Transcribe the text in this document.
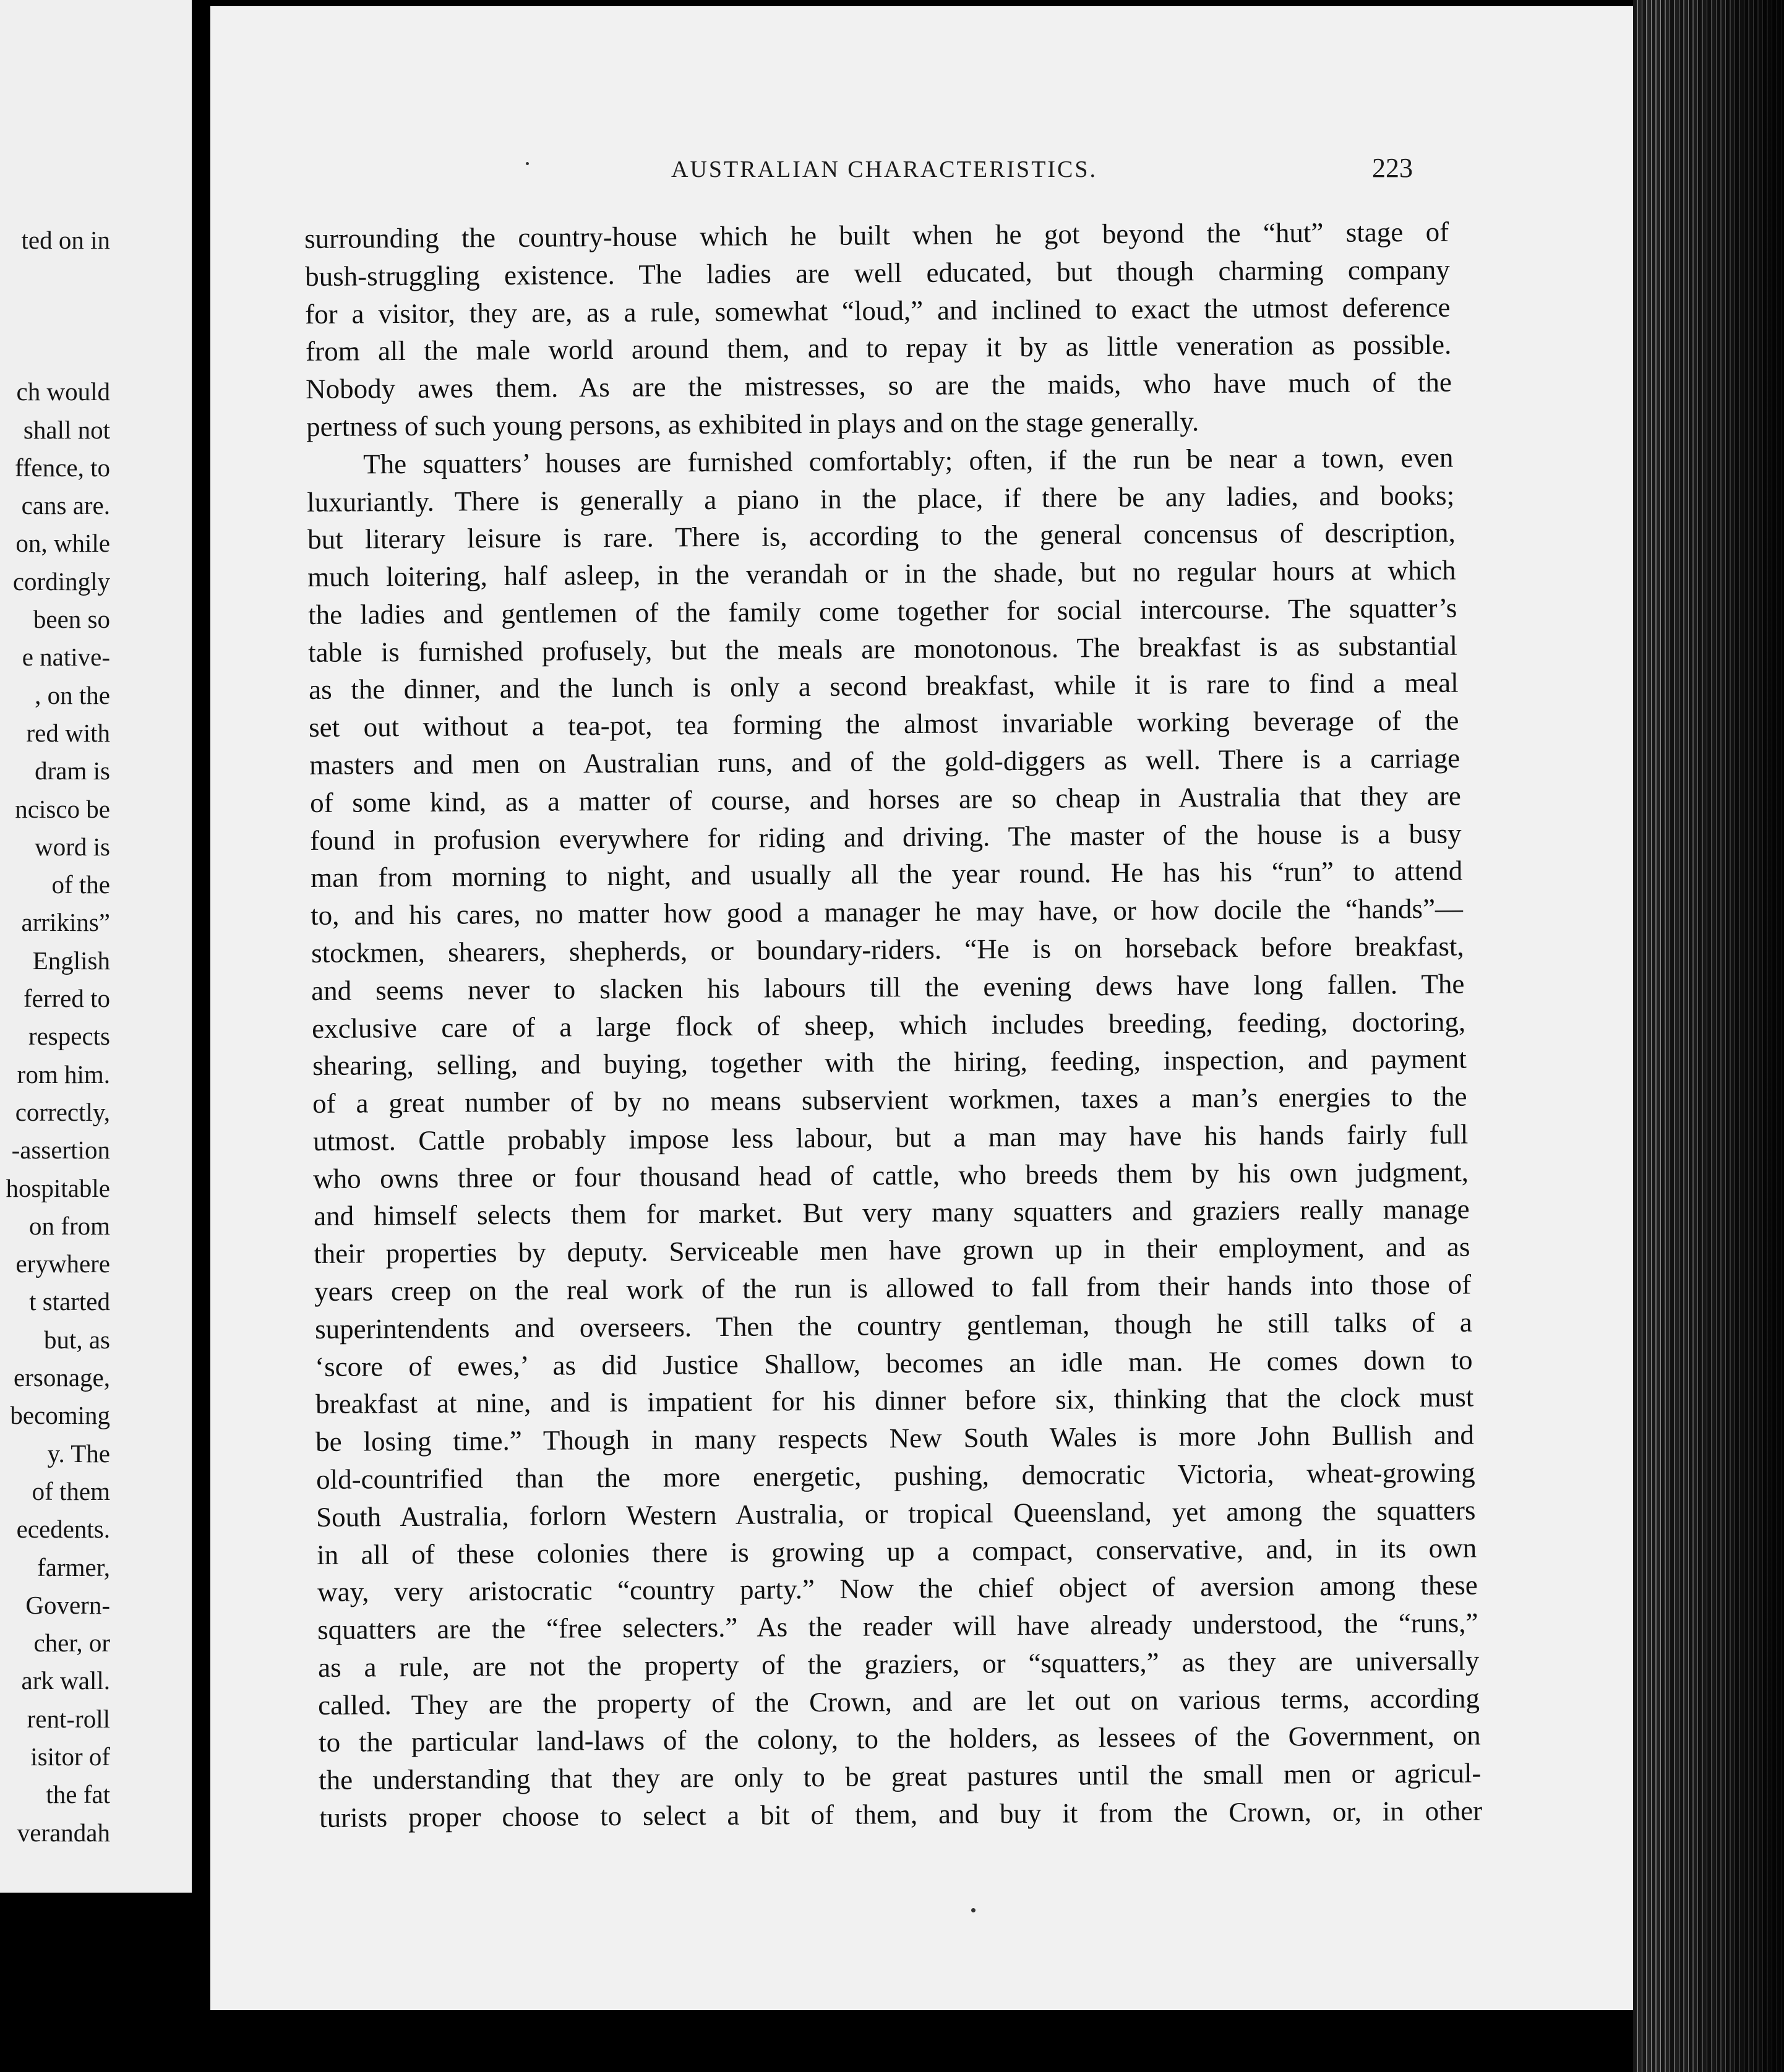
ted on in
ch would
shall not
ffence, to
cans are.
on, while
cordingly
been so
e native-
, on the
red with
dram is
ncisco be
word is
of the
arrikins”
English
ferred to
respects
rom him.
correctly,
-assertion
hospitable
on from
erywhere
t started
but, as
ersonage,
becoming
y. The
of them
ecedents.
farmer,
Govern-
cher, or
ark wall.
rent-roll
isitor of
the fat
verandah
AUSTRALIAN CHARACTERISTICS.	223
surrounding the country-house which he built when he got beyond the “hut” stage of
bush-struggling existence. The ladies are well educated, but though charming company
for a visitor, they are, as a rule, somewhat “loud,” and inclined to exact the utmost deference
from all the male world around them, and to repay it by as little veneration as possible.
Nobody awes them. As are the mistresses, so are the maids, who have much of the
pertness of such young persons, as exhibited in plays and on the stage generally.
The squatters’ houses are furnished comfortably; often, if the run be near a town, even
luxuriantly. There is generally a piano in the place, if there be any ladies, and books;
but literary leisure is rare. There is, according to the general concensus of description,
much loitering, half asleep, in the verandah or in the shade, but no regular hours at which
the ladies and gentlemen of the family come together for social intercourse. The squatter’s
table is furnished profusely, but the meals are monotonous. The breakfast is as substantial
as the dinner, and the lunch is only a second breakfast, while it is rare to find a meal
set out without a tea-pot, tea forming the almost invariable working beverage of the
masters and men on Australian runs, and of the gold-diggers as well. There is a carriage
of some kind, as a matter of course, and horses are so cheap in Australia that they are
found in profusion everywhere for riding and driving. The master of the house is a busy
man from morning to night, and usually all the year round. He has his “run” to attend
to, and his cares, no matter how good a manager he may have, or how docile the “hands”—
stockmen, shearers, shepherds, or boundary-riders. “He is on horseback before breakfast,
and seems never to slacken his labours till the evening dews have long fallen. The
exclusive care of a large flock of sheep, which includes breeding, feeding, doctoring,
shearing, selling, and buying, together with the hiring, feeding, inspection, and payment
of a great number of by no means subservient workmen, taxes a man’s energies to the
utmost. Cattle probably impose less labour, but a man may have his hands fairly full
who owns three or four thousand head of cattle, who breeds them by his own judgment,
and himself selects them for market. But very many squatters and graziers really manage
their properties by deputy. Serviceable men have grown up in their employment, and as
years creep on the real work of the run is allowed to fall from their hands into those of
superintendents and overseers. Then the country gentleman, though he still talks of a
‘score of ewes,’ as did Justice Shallow, becomes an idle man. He comes down to
breakfast at nine, and is impatient for his dinner before six, thinking that the clock must
be losing time.” Though in many respects New South Wales is more John Bullish and
old-countrified than the more energetic, pushing, democratic Victoria, wheat-growing
South Australia, forlorn Western Australia, or tropical Queensland, yet among the squatters
in all of these colonies there is growing up a compact, conservative, and, in its own
way, very aristocratic “country party.” Now the chief object of aversion among these
squatters are the “free selecters.” As the reader will have already understood, the “runs,”
as a rule, are not the property of the graziers, or “squatters,” as they are universally
called. They are the property of the Crown, and are let out on various terms, according
to the particular land-laws of the colony, to the holders, as lessees of the Government, on
the understanding that they are only to be great pastures until the small men or agricul-
turists proper choose to select a bit of them, and buy it from the Crown, or, in other
